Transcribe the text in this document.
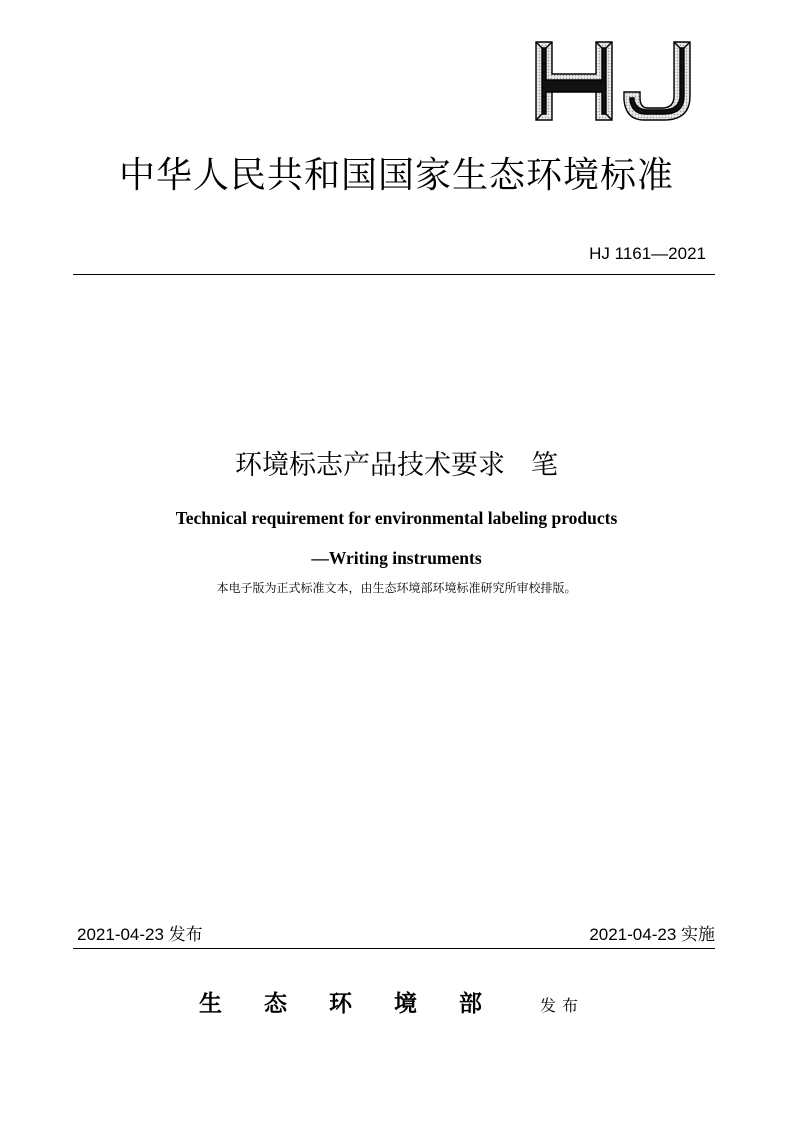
中华人民共和国国家生态环境标准
HJ 1161—2021
环境标志产品技术要求 笔
Technical requirement for environmental labeling products
—Writing instruments
本电子版为正式标准文本，由生态环境部环境标准研究所审校排版。
2021-04-23 发布	2021-04-23 实施
生态环境部 发布
